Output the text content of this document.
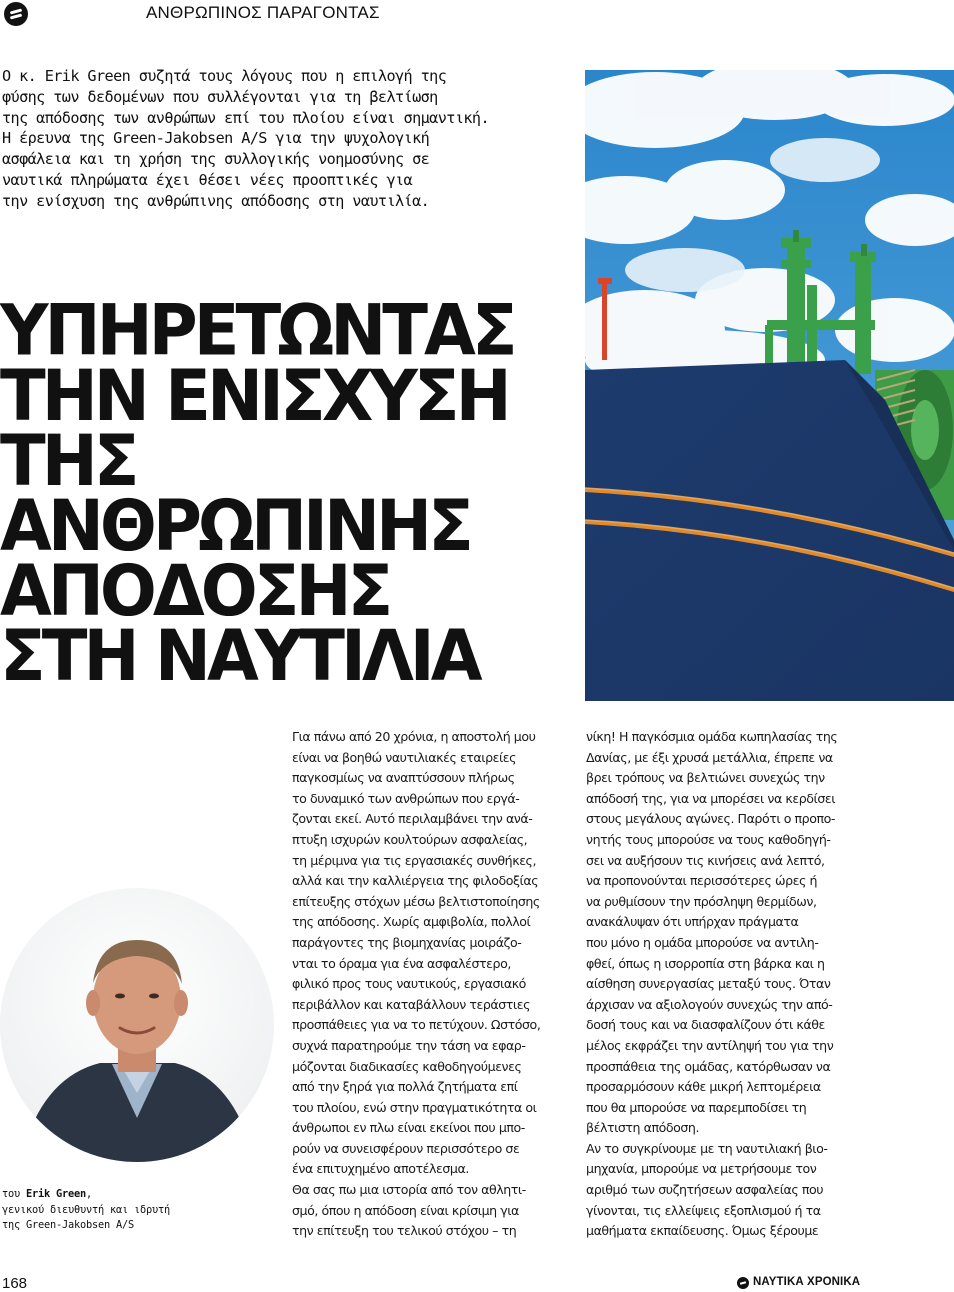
ΑΝΘΡΩΠΙΝΟΣ ΠΑΡΑΓΟΝΤΑΣ

Ο κ. Erik Green συζητά τους λόγους που η επιλογή της
φύσης των δεδομένων που συλλέγονται για τη βελτίωση
της απόδοσης των ανθρώπων επί του πλοίου είναι σημαντική.
Η έρευνα της Green-Jakobsen A/S για την ψυχολογική
ασφάλεια και τη χρήση της συλλογικής νοημοσύνης σε
ναυτικά πληρώματα έχει θέσει νέες προοπτικές για
την ενίσχυση της ανθρώπινης απόδοσης στη ναυτιλία.

ΥΠΗΡΕΤΩΝΤΑΣ
ΤΗΝ ΕΝΙΣΧΥΣΗ
ΤΗΣ ΑΝΘΡΩΠΙΝΗΣ
ΑΠΟΔΟΣΗΣ
ΣΤΗ ΝΑΥΤΙΛΙΑ

του Erik Green,
γενικού διευθυντή και ιδρυτή
της Green-Jakobsen A/S

Για πάνω από 20 χρόνια, η αποστολή μου
είναι να βοηθώ ναυτιλιακές εταιρείες
παγκοσμίως να αναπτύσσουν πλήρως
το δυναμικό των ανθρώπων που εργά-
ζονται εκεί. Αυτό περιλαμβάνει την ανά-
πτυξη ισχυρών κουλτούρων ασφαλείας,
τη μέριμνα για τις εργασιακές συνθήκες,
αλλά και την καλλιέργεια της φιλοδοξίας
επίτευξης στόχων μέσω βελτιστοποίησης
της απόδοσης. Χωρίς αμφιβολία, πολλοί
παράγοντες της βιομηχανίας μοιράζο-
νται το όραμα για ένα ασφαλέστερο,
φιλικό προς τους ναυτικούς, εργασιακό
περιβάλλον και καταβάλλουν τεράστιες
προσπάθειες για να το πετύχουν. Ωστόσο,
συχνά παρατηρούμε την τάση να εφαρ-
μόζονται διαδικασίες καθοδηγούμενες
από την ξηρά για πολλά ζητήματα επί
του πλοίου, ενώ στην πραγματικότητα οι
άνθρωποι εν πλω είναι εκείνοι που μπο-
ρούν να συνεισφέρουν περισσότερο σε
ένα επιτυχημένο αποτέλεσμα.
Θα σας πω μια ιστορία από τον αθλητι-
σμό, όπου η απόδοση είναι κρίσιμη για
την επίτευξη του τελικού στόχου – τη

νίκη! Η παγκόσμια ομάδα κωπηλασίας της
Δανίας, με έξι χρυσά μετάλλια, έπρεπε να
βρει τρόπους να βελτιώνει συνεχώς την
απόδοσή της, για να μπορέσει να κερδίσει
στους μεγάλους αγώνες. Παρότι ο προπο-
νητής τους μπορούσε να τους καθοδηγή-
σει να αυξήσουν τις κινήσεις ανά λεπτό,
να προπονούνται περισσότερες ώρες ή
να ρυθμίσουν την πρόσληψη θερμίδων,
ανακάλυψαν ότι υπήρχαν πράγματα
που μόνο η ομάδα μπορούσε να αντιλη-
φθεί, όπως η ισορροπία στη βάρκα και η
αίσθηση συνεργασίας μεταξύ τους. Όταν
άρχισαν να αξιολογούν συνεχώς την από-
δοσή τους και να διασφαλίζουν ότι κάθε
μέλος εκφράζει την αντίληψή του για την
προσπάθεια της ομάδας, κατόρθωσαν να
προσαρμόσουν κάθε μικρή λεπτομέρεια
που θα μπορούσε να παρεμποδίσει τη
βέλτιστη απόδοση.
Αν το συγκρίνουμε με τη ναυτιλιακή βιο-
μηχανία, μπορούμε να μετρήσουμε τον
αριθμό των συζητήσεων ασφαλείας που
γίνονται, τις ελλείψεις εξοπλισμού ή τα
μαθήματα εκπαίδευσης. Όμως ξέρουμε

168	ΝΑΥΤΙΚΑ ΧΡΟΝΙΚΑ
